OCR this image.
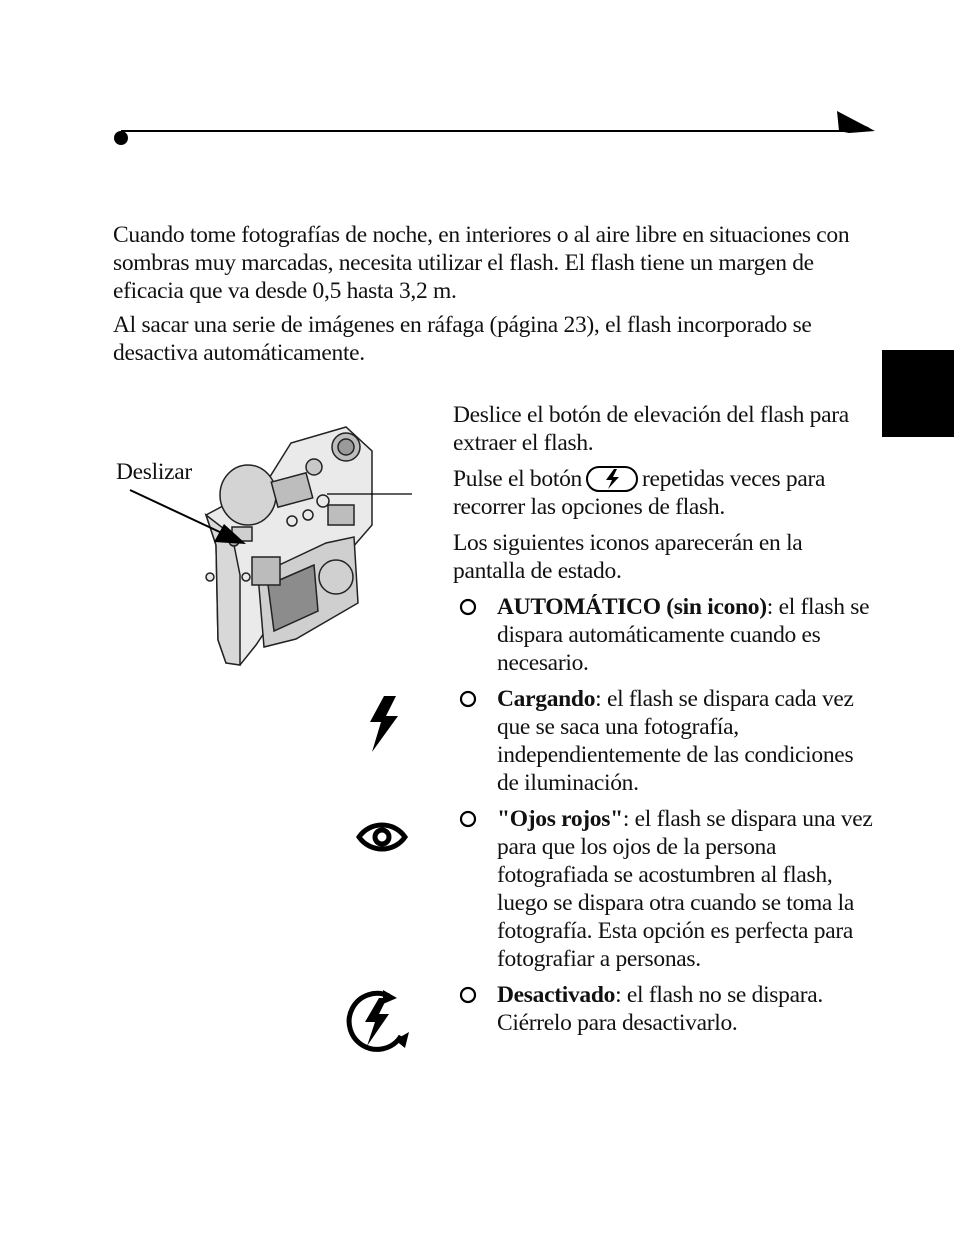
Cuando tome fotografías de noche, en interiores o al aire libre en situaciones con sombras muy marcadas, necesita utilizar el flash. El flash tiene un margen de eficacia que va desde 0,5 hasta 3,2 m.

Al sacar una serie de imágenes en ráfaga (página 23), el flash incorporado se desactiva automáticamente.

Deslizar

Deslice el botón de elevación del flash para extraer el flash.

Pulse el botón	repetidas veces para recorrer las opciones de flash.

Los siguientes iconos aparecerán en la pantalla de estado.

AUTOMÁTICO (sin icono): el flash se dispara automáticamente cuando es necesario.
Cargando: el flash se dispara cada vez que se saca una fotografía, independientemente de las condiciones de iluminación.
"Ojos rojos": el flash se dispara una vez para que los ojos de la persona fotografiada se acostumbren al flash, luego se dispara otra cuando se toma la fotografía. Esta opción es perfecta para fotografiar a personas.
Desactivado: el flash no se dispara. Ciérrelo para desactivarlo.
